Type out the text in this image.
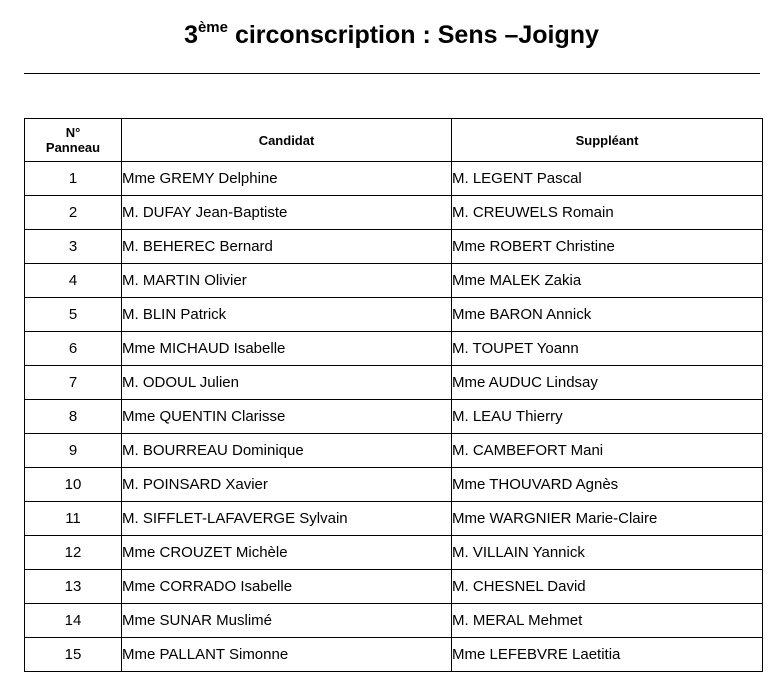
3ème circonscription : Sens –Joigny
N°
Panneau	Candidat	Suppléant
1	Mme GREMY Delphine	M. LEGENT Pascal
2	M. DUFAY Jean-Baptiste	M. CREUWELS Romain
3	M. BEHEREC Bernard	Mme ROBERT Christine
4	M. MARTIN Olivier	Mme MALEK Zakia
5	M. BLIN Patrick	Mme BARON Annick
6	Mme MICHAUD Isabelle	M. TOUPET Yoann
7	M. ODOUL Julien	Mme AUDUC Lindsay
8	Mme QUENTIN Clarisse	M. LEAU Thierry
9	M. BOURREAU Dominique	M. CAMBEFORT Mani
10	M. POINSARD Xavier	Mme THOUVARD Agnès
11	M. SIFFLET-LAFAVERGE Sylvain	Mme WARGNIER Marie-Claire
12	Mme CROUZET Michèle	M. VILLAIN Yannick
13	Mme CORRADO Isabelle	M. CHESNEL David
14	Mme SUNAR Muslimé	M. MERAL Mehmet
15	Mme PALLANT Simonne	Mme LEFEBVRE Laetitia
